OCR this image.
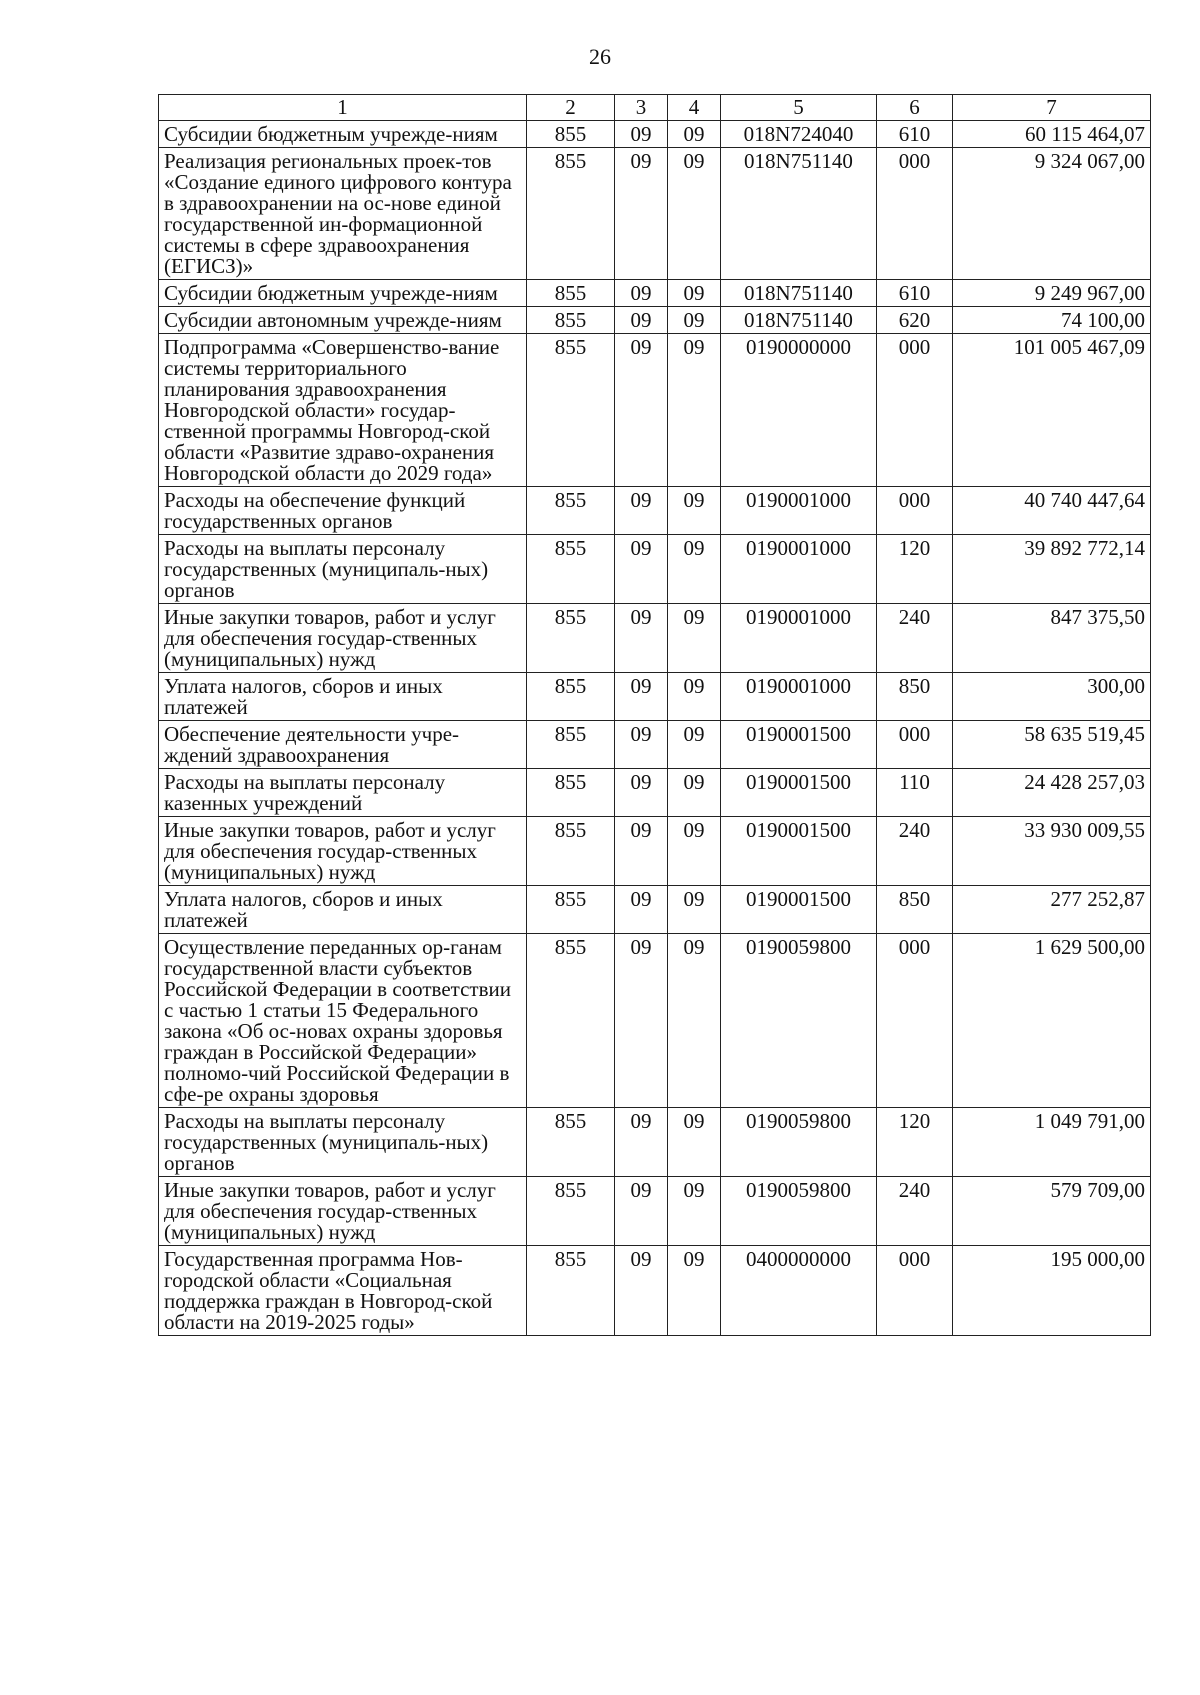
26
1	2	3	4	5	6	7
Субсидии бюджетным учрежде-ниям	855	09	09	018N724040	610	60 115 464,07
Реализация региональных проек-тов «Создание единого цифрового контура в здравоохранении на ос-нове единой государственной ин-формационной системы в сфере здравоохранения (ЕГИСЗ)»	855	09	09	018N751140	000	9 324 067,00
Субсидии бюджетным учрежде-ниям	855	09	09	018N751140	610	9 249 967,00
Субсидии автономным учрежде-ниям	855	09	09	018N751140	620	74 100,00
Подпрограмма «Совершенство-вание системы территориального планирования здравоохранения Новгородской области» государ-ственной программы Новгород-ской области «Развитие здраво-охранения Новгородской области до 2029 года»	855	09	09	0190000000	000	101 005 467,09
Расходы на обеспечение функций государственных органов	855	09	09	0190001000	000	40 740 447,64
Расходы на выплаты персоналу государственных (муниципаль-ных) органов	855	09	09	0190001000	120	39 892 772,14
Иные закупки товаров, работ и услуг для обеспечения государ-ственных (муниципальных) нужд	855	09	09	0190001000	240	847 375,50
Уплата налогов, сборов и иных платежей	855	09	09	0190001000	850	300,00
Обеспечение деятельности учре-ждений здравоохранения	855	09	09	0190001500	000	58 635 519,45
Расходы на выплаты персоналу казенных учреждений	855	09	09	0190001500	110	24 428 257,03
Иные закупки товаров, работ и услуг для обеспечения государ-ственных (муниципальных) нужд	855	09	09	0190001500	240	33 930 009,55
Уплата налогов, сборов и иных платежей	855	09	09	0190001500	850	277 252,87
Осуществление переданных ор-ганам государственной власти субъектов Российской Федерации в соответствии с частью 1 статьи 15 Федерального закона «Об ос-новах охраны здоровья граждан в Российской Федерации» полномо-чий Российской Федерации в сфе-ре охраны здоровья	855	09	09	0190059800	000	1 629 500,00
Расходы на выплаты персоналу государственных (муниципаль-ных) органов	855	09	09	0190059800	120	1 049 791,00
Иные закупки товаров, работ и услуг для обеспечения государ-ственных (муниципальных) нужд	855	09	09	0190059800	240	579 709,00
Государственная программа Нов-городской области «Социальная поддержка граждан в Новгород-ской области на 2019-2025 годы»	855	09	09	0400000000	000	195 000,00
